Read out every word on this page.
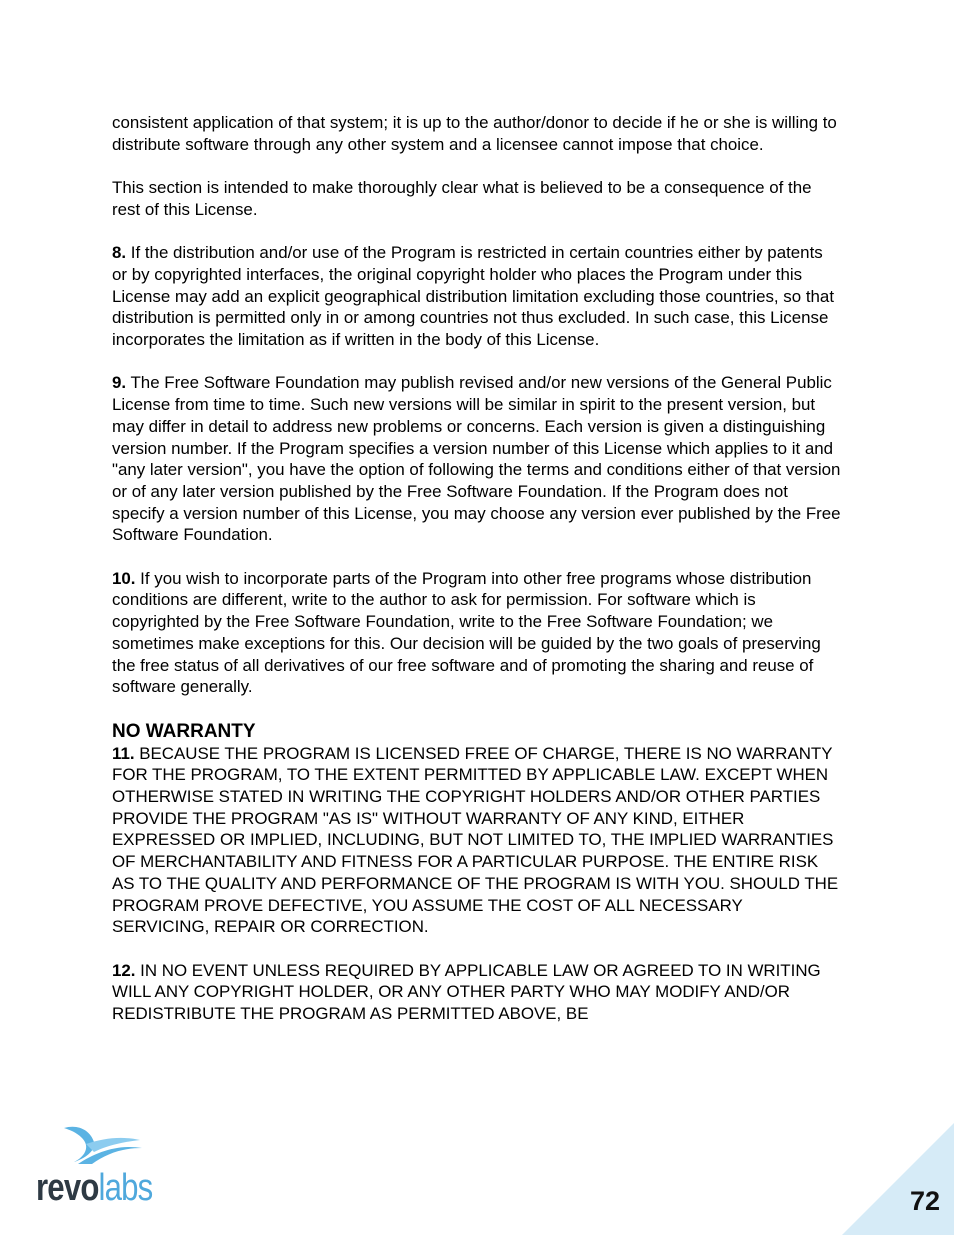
consistent application of that system; it is up to the author/donor to decide if he or she is willing to distribute software through any other system and a licensee cannot impose that choice.

This section is intended to make thoroughly clear what is believed to be a consequence of the rest of this License.

8. If the distribution and/or use of the Program is restricted in certain countries either by patents or by copyrighted interfaces, the original copyright holder who places the Program under this License may add an explicit geographical distribution limitation excluding those countries, so that distribution is permitted only in or among countries not thus excluded. In such case, this License incorporates the limitation as if written in the body of this License.

9. The Free Software Foundation may publish revised and/or new versions of the General Public License from time to time. Such new versions will be similar in spirit to the present version, but may differ in detail to address new problems or concerns. Each version is given a distinguishing version number. If the Program specifies a version number of this License which applies to it and "any later version", you have the option of following the terms and conditions either of that version or of any later version published by the Free Software Foundation. If the Program does not specify a version number of this License, you may choose any version ever published by the Free Software Foundation.

10. If you wish to incorporate parts of the Program into other free programs whose distribution conditions are different, write to the author to ask for permission. For software which is copyrighted by the Free Software Foundation, write to the Free Software Foundation; we sometimes make exceptions for this. Our decision will be guided by the two goals of preserving the free status of all derivatives of our free software and of promoting the sharing and reuse of software generally.

NO WARRANTY

11. BECAUSE THE PROGRAM IS LICENSED FREE OF CHARGE, THERE IS NO WARRANTY FOR THE PROGRAM, TO THE EXTENT PERMITTED BY APPLICABLE LAW. EXCEPT WHEN OTHERWISE STATED IN WRITING THE COPYRIGHT HOLDERS AND/OR OTHER PARTIES PROVIDE THE PROGRAM "AS IS" WITHOUT WARRANTY OF ANY KIND, EITHER EXPRESSED OR IMPLIED, INCLUDING, BUT NOT LIMITED TO, THE IMPLIED WARRANTIES OF MERCHANTABILITY AND FITNESS FOR A PARTICULAR PURPOSE. THE ENTIRE RISK AS TO THE QUALITY AND PERFORMANCE OF THE PROGRAM IS WITH YOU. SHOULD THE PROGRAM PROVE DEFECTIVE, YOU ASSUME THE COST OF ALL NECESSARY SERVICING, REPAIR OR CORRECTION.

12. IN NO EVENT UNLESS REQUIRED BY APPLICABLE LAW OR AGREED TO IN WRITING WILL ANY COPYRIGHT HOLDER, OR ANY OTHER PARTY WHO MAY MODIFY AND/OR REDISTRIBUTE THE PROGRAM AS PERMITTED ABOVE, BE

revolabs	72
